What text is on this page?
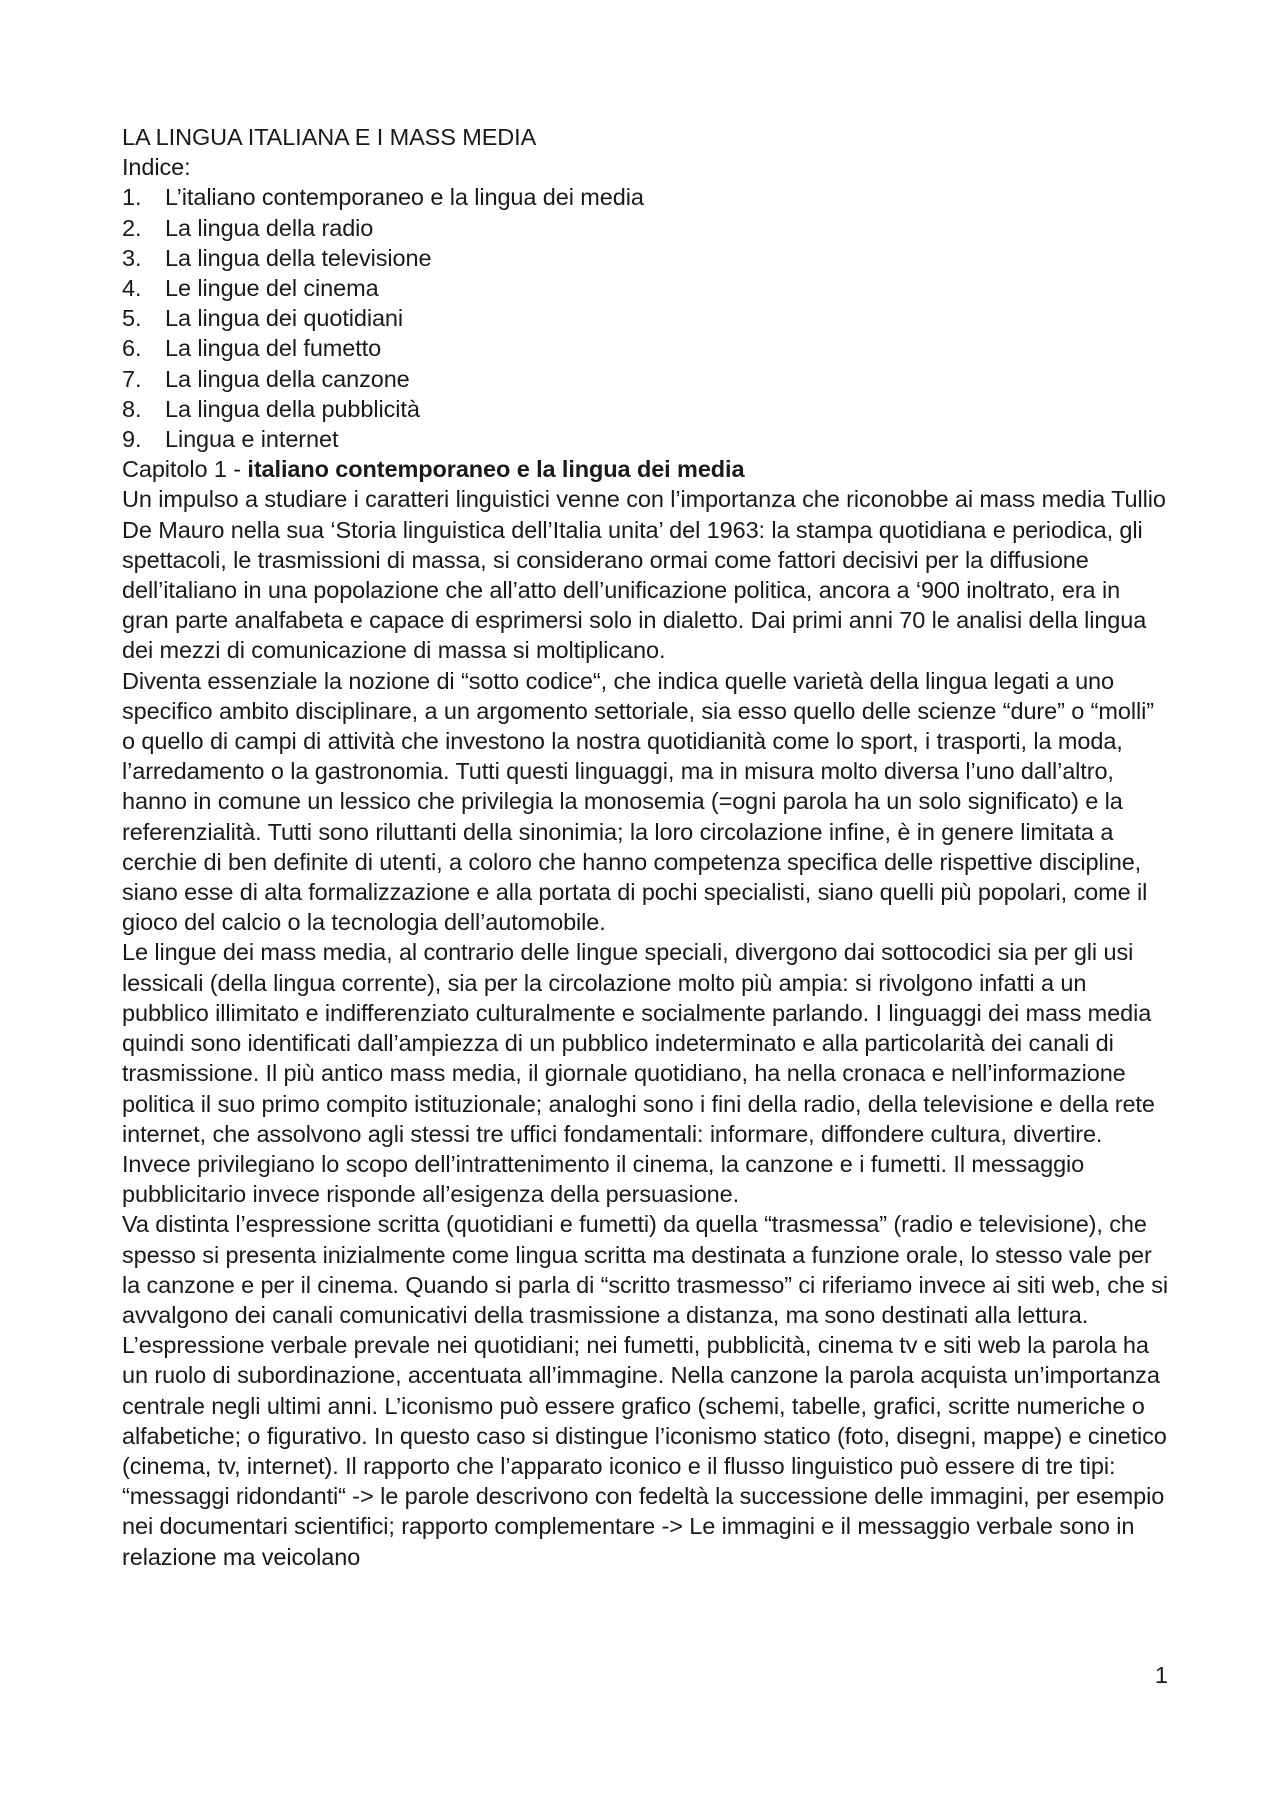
LA LINGUA ITALIANA E I MASS MEDIA

Indice:

1.	L’italiano contemporaneo e la lingua dei media
2.	La lingua della radio
3.	La lingua della televisione
4.	Le lingue del cinema
5.	La lingua dei quotidiani
6.	La lingua del fumetto
7.	La lingua della canzone
8.	La lingua della pubblicità
9.	Lingua e internet

Capitolo 1 - italiano contemporaneo e la lingua dei media

Un impulso a studiare i caratteri linguistici venne con l’importanza che riconobbe ai mass media Tullio De Mauro nella sua ‘Storia linguistica dell’Italia unita’ del 1963: la stampa quotidiana e periodica, gli spettacoli, le trasmissioni di massa, si considerano ormai come fattori decisivi per la diffusione dell’italiano in una popolazione che all’atto dell’unificazione politica, ancora a ‘900 inoltrato, era in gran parte analfabeta e capace di esprimersi solo in dialetto. Dai primi anni 70 le analisi della lingua dei mezzi di comunicazione di massa si moltiplicano.

Diventa essenziale la nozione di “sotto codice“, che indica quelle varietà della lingua legati a uno specifico ambito disciplinare, a un argomento settoriale, sia esso quello delle scienze “dure” o “molli” o quello di campi di attività che investono la nostra quotidianità come lo sport, i trasporti, la moda, l’arredamento o la gastronomia. Tutti questi linguaggi, ma in misura molto diversa l’uno dall’altro, hanno in comune un lessico che privilegia la monosemia (=ogni parola ha un solo significato) e la referenzialità. Tutti sono riluttanti della sinonimia; la loro circolazione infine, è in genere limitata a cerchie di ben definite di utenti, a coloro che hanno competenza specifica delle rispettive discipline, siano esse di alta formalizzazione e alla portata di pochi specialisti, siano quelli più popolari, come il gioco del calcio o la tecnologia dell’automobile.

Le lingue dei mass media, al contrario delle lingue speciali, divergono dai sottocodici sia per gli usi lessicali (della lingua corrente), sia per la circolazione molto più ampia: si rivolgono infatti a un pubblico illimitato e indifferenziato culturalmente e socialmente parlando. I linguaggi dei mass media quindi sono identificati dall’ampiezza di un pubblico indeterminato e alla particolarità dei canali di trasmissione. Il più antico mass media, il giornale quotidiano, ha nella cronaca e nell’informazione politica il suo primo compito istituzionale; analoghi sono i fini della radio, della televisione e della rete internet, che assolvono agli stessi tre uffici fondamentali: informare, diffondere cultura, divertire. Invece privilegiano lo scopo dell’intrattenimento il cinema, la canzone e i fumetti. Il messaggio pubblicitario invece risponde all’esigenza della persuasione.

Va distinta l’espressione scritta (quotidiani e fumetti) da quella “trasmessa” (radio e televisione), che spesso si presenta inizialmente come lingua scritta ma destinata a funzione orale, lo stesso vale per la canzone e per il cinema. Quando si parla di “scritto trasmesso” ci riferiamo invece ai siti web, che si avvalgono dei canali comunicativi della trasmissione a distanza, ma sono destinati alla lettura. L’espressione verbale prevale nei quotidiani; nei fumetti, pubblicità, cinema tv e siti web la parola ha un ruolo di subordinazione, accentuata all’immagine. Nella canzone la parola acquista un’importanza centrale negli ultimi anni. L’iconismo può essere grafico (schemi, tabelle, grafici, scritte numeriche o alfabetiche; o figurativo. In questo caso si distingue l’iconismo statico (foto, disegni, mappe) e cinetico (cinema, tv, internet). Il rapporto che l’apparato iconico e il flusso linguistico può essere di tre tipi: “messaggi ridondanti“ -> le parole descrivono con fedeltà la successione delle immagini, per esempio nei documentari scientifici; rapporto complementare -> Le immagini e il messaggio verbale sono in relazione ma veicolano

1
